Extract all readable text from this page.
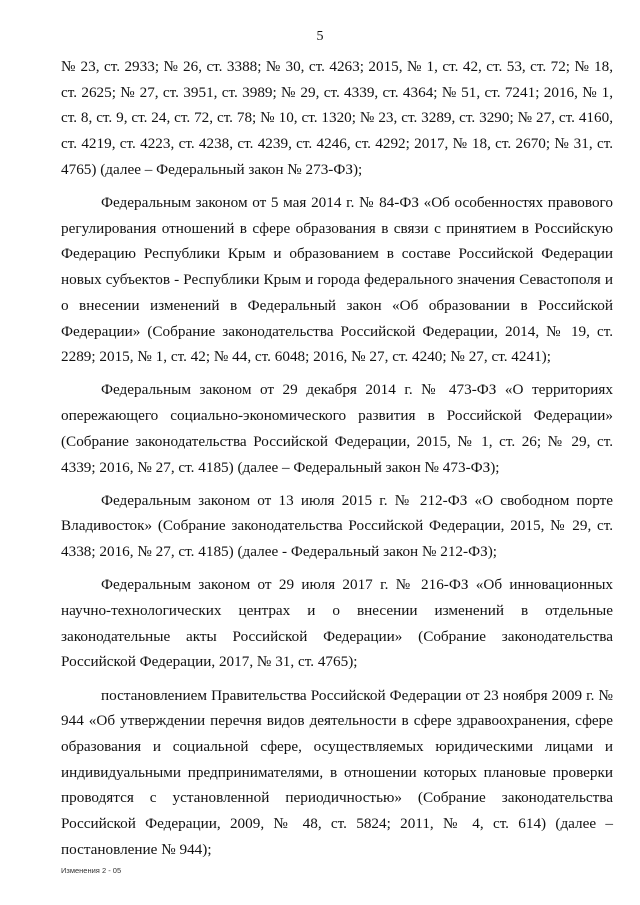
5

№ 23, ст. 2933; № 26, ст. 3388; № 30, ст. 4263; 2015, № 1, ст. 42, ст. 53, ст. 72; № 18, ст. 2625; № 27, ст. 3951, ст. 3989; № 29, ст. 4339, ст. 4364; № 51, ст. 7241; 2016, № 1, ст. 8, ст. 9, ст. 24, ст. 72, ст. 78; № 10, ст. 1320; № 23, ст. 3289, ст. 3290; № 27, ст. 4160, ст. 4219, ст. 4223, ст. 4238, ст. 4239, ст. 4246, ст. 4292; 2017, № 18, ст. 2670; № 31, ст. 4765) (далее – Федеральный закон № 273-ФЗ);

Федеральным законом от 5 мая 2014 г. № 84-ФЗ «Об особенностях правового регулирования отношений в сфере образования в связи с принятием в Российскую Федерацию Республики Крым и образованием в составе Российской Федерации новых субъектов - Республики Крым и города федерального значения Севастополя и о внесении изменений в Федеральный закон «Об образовании в Российской Федерации» (Собрание законодательства Российской Федерации, 2014, № 19, ст. 2289; 2015, № 1, ст. 42; № 44, ст. 6048; 2016, № 27, ст. 4240; № 27, ст. 4241);

Федеральным законом от 29 декабря 2014 г. № 473-ФЗ «О территориях опережающего социально-экономического развития в Российской Федерации» (Собрание законодательства Российской Федерации, 2015, № 1, ст. 26; № 29, ст. 4339; 2016, № 27, ст. 4185) (далее – Федеральный закон № 473-ФЗ);

Федеральным законом от 13 июля 2015 г. № 212-ФЗ «О свободном порте Владивосток» (Собрание законодательства Российской Федерации, 2015, № 29, ст. 4338; 2016, № 27, ст. 4185) (далее - Федеральный закон № 212-ФЗ);

Федеральным законом от 29 июля 2017 г. № 216-ФЗ «Об инновационных научно-технологических центрах и о внесении изменений в отдельные законодательные акты Российской Федерации» (Собрание законодательства Российской Федерации, 2017, № 31, ст. 4765);

постановлением Правительства Российской Федерации от 23 ноября 2009 г. № 944 «Об утверждении перечня видов деятельности в сфере здравоохранения, сфере образования и социальной сфере, осуществляемых юридическими лицами и индивидуальными предпринимателями, в отношении которых плановые проверки проводятся с установленной периодичностью» (Собрание законодательства Российской Федерации, 2009, № 48, ст. 5824; 2011, № 4, ст. 614) (далее – постановление № 944);

Изменения 2 - 05
